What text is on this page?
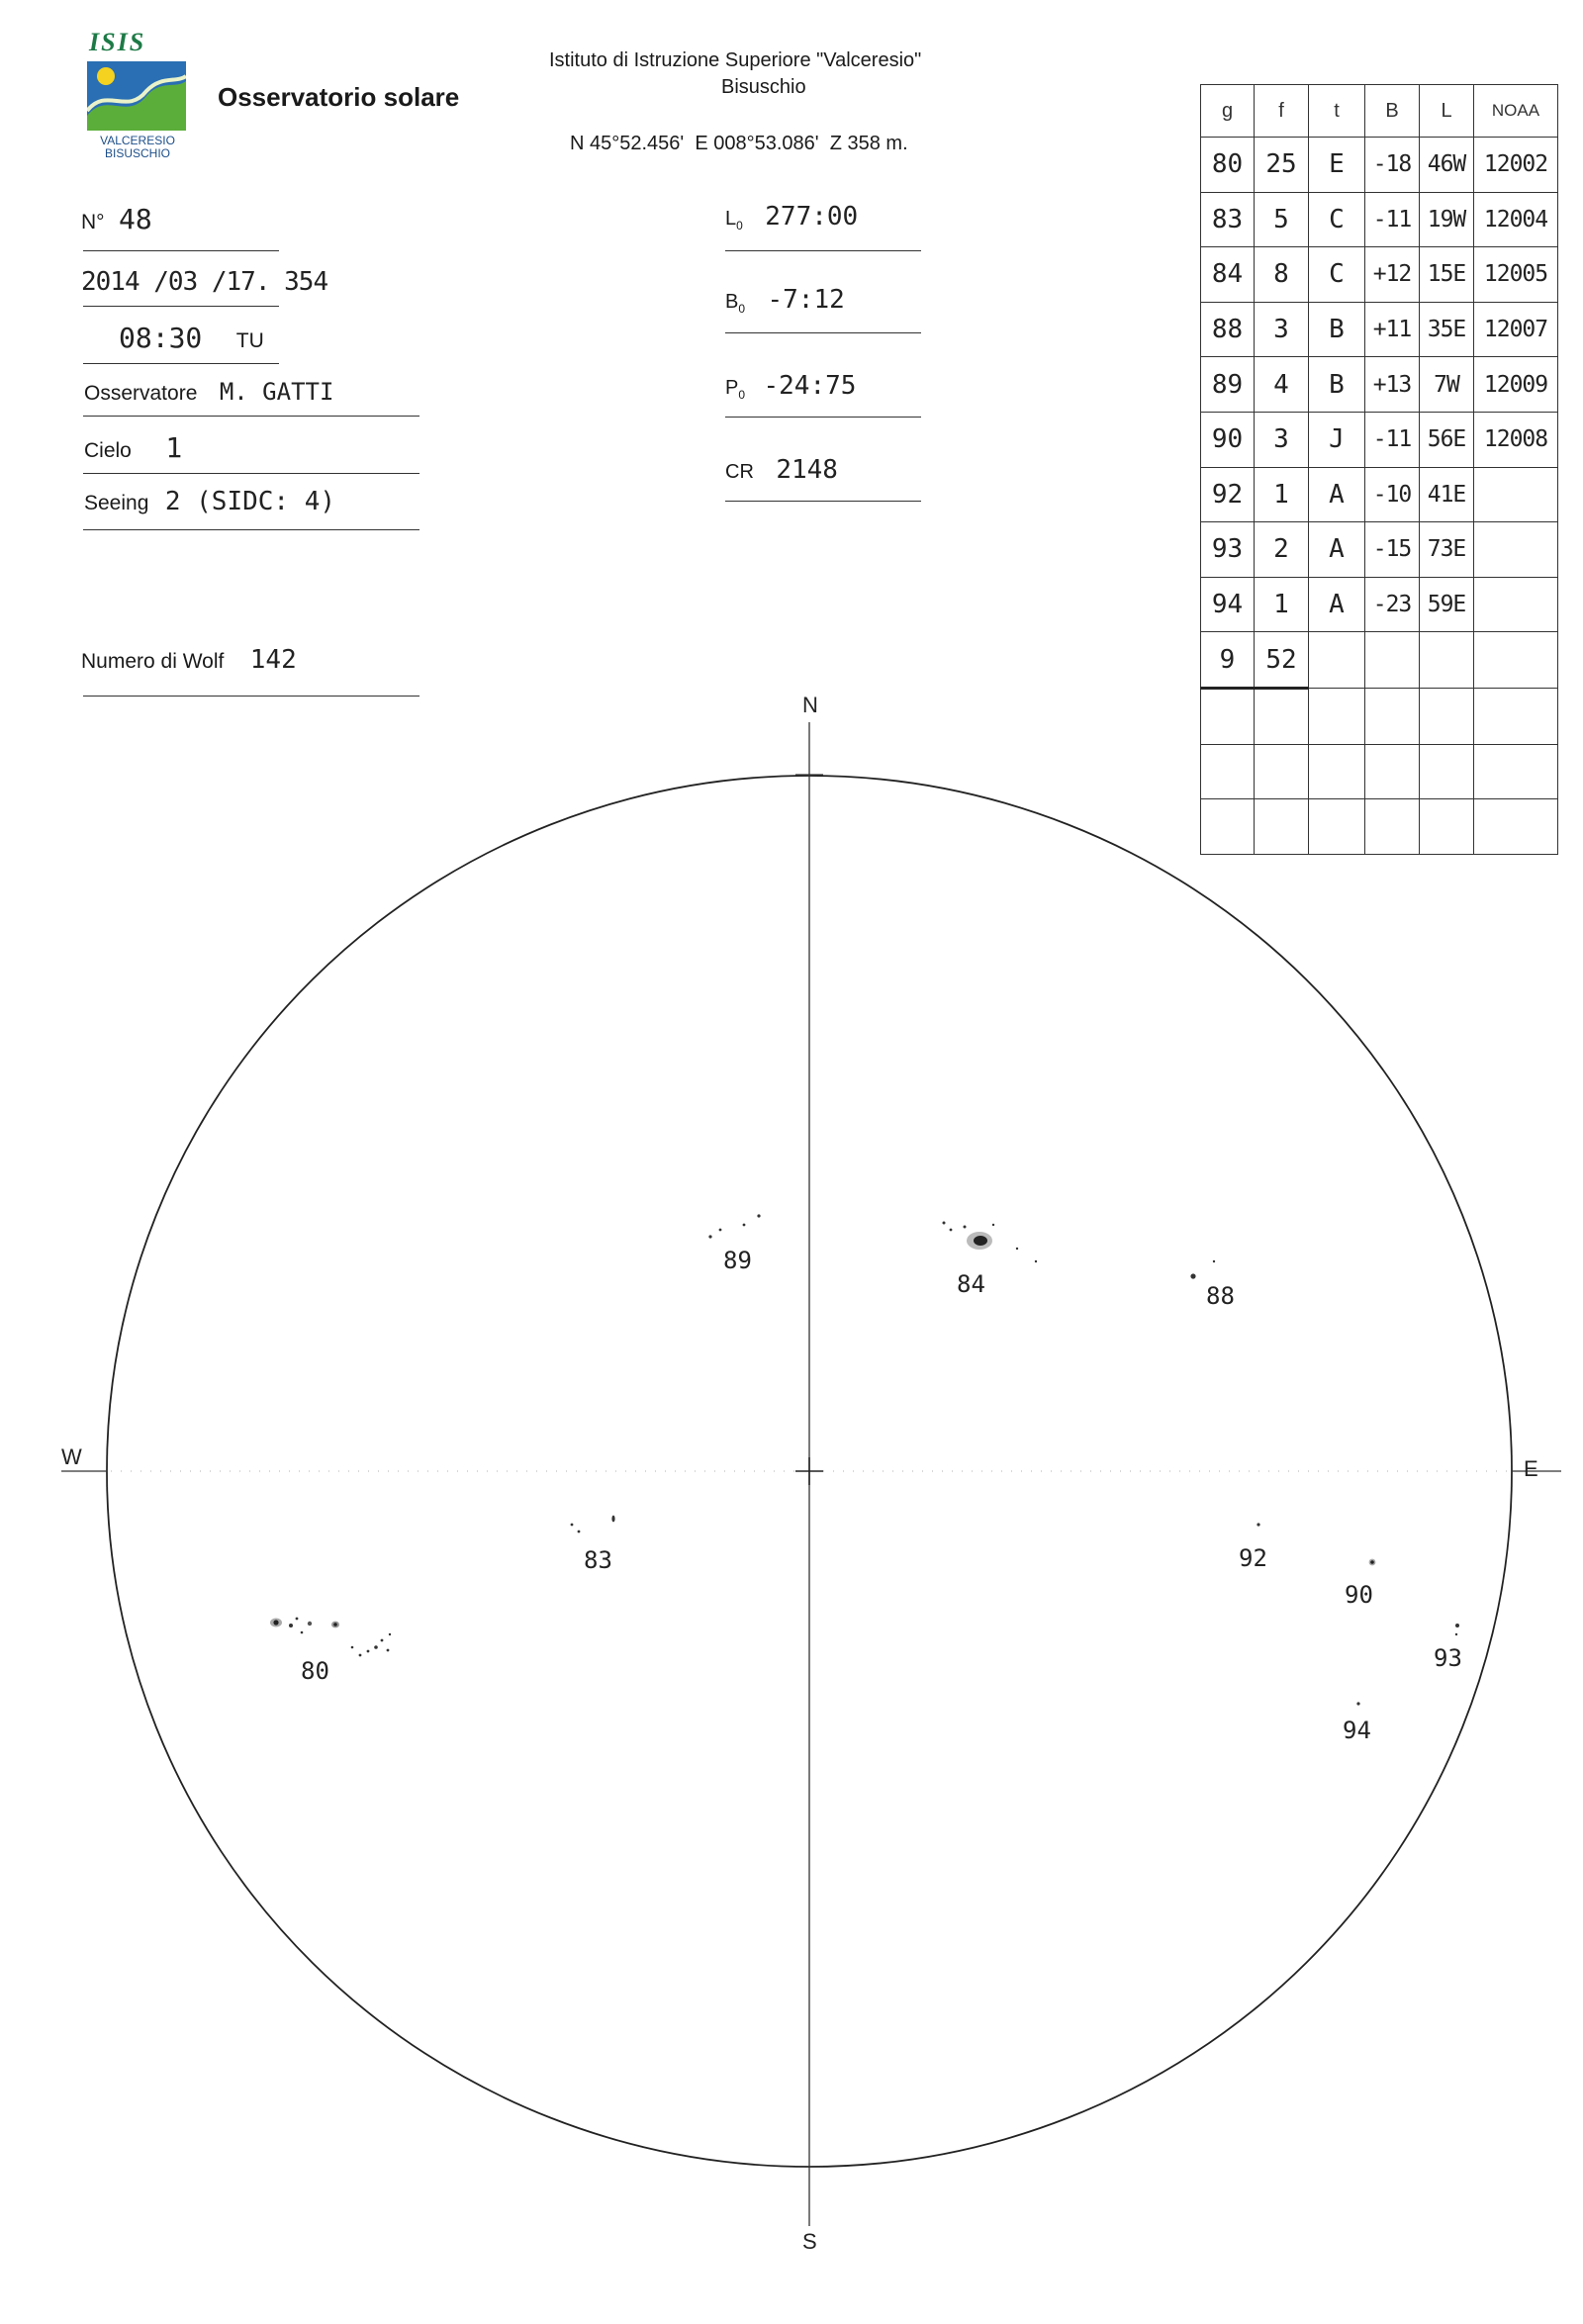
ISIS
VALCERESIO
BISUSCHIO
Osservatorio solare
Istituto di Istruzione Superiore "Valceresio"
Bisuschio
N 45°52.456'  E 008°53.086'  Z 358 m.
N° 48
2014 /03 /17. 354
08:30 TU
Osservatore M. GATTI
Cielo 1
Seeing 2 (SIDC: 4)
Numero di Wolf 142
$L_0$ 277:00
$B_0$ -7:12
$P_0$ -24:75
CR 2148
g	f	t	B	L	NOAA
80	25	E	-18	46W	12002
83	5	C	-11	19W	12004
84	8	C	+12	15E	12005
88	3	B	+11	35E	12007
89	4	B	+13	7W	12009
90	3	J	-11	56E	12008
92	1	A	-10	41E	
93	2	A	-15	73E	
94	1	A	-23	59E	
9	52				

N
S
W	E
89
84	88
83
80
92
90
93
94
